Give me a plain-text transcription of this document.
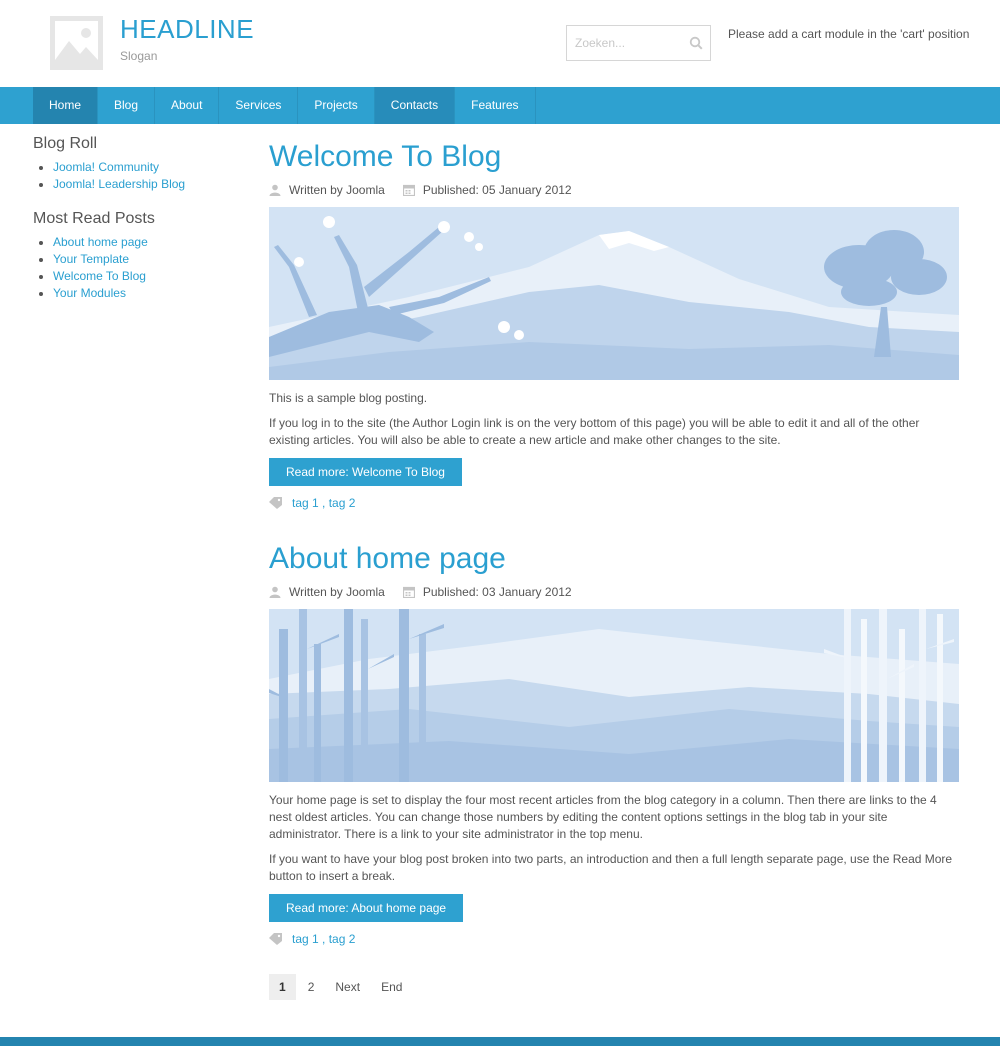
HEADLINE
Slogan
Zoeken...
Please add a cart module in the 'cart' position
Home	Blog	About	Services	Projects	Contacts	Features
Blog Roll
• Joomla! Community
• Joomla! Leadership Blog
Most Read Posts
• About home page
• Your Template
• Welcome To Blog
• Your Modules
Welcome To Blog
Written by Joomla	Published: 05 January 2012

This is a sample blog posting.

If you log in to the site (the Author Login link is on the very bottom of this page) you will be able to edit it and all of the other existing articles. You will also be able to create a new article and make other changes to the site.

Read more: Welcome To Blog
tag 1 , tag 2
About home page
Written by Joomla	Published: 03 January 2012

Your home page is set to display the four most recent articles from the blog category in a column. Then there are links to the 4 nest oldest articles. You can change those numbers by editing the content options settings in the blog tab in your site administrator. There is a link to your site administrator in the top menu.

If you want to have your blog post broken into two parts, an introduction and then a full length separate page, use the Read More button to insert a break.

Read more: About home page
tag 1 , tag 2
1	2	Next	End
